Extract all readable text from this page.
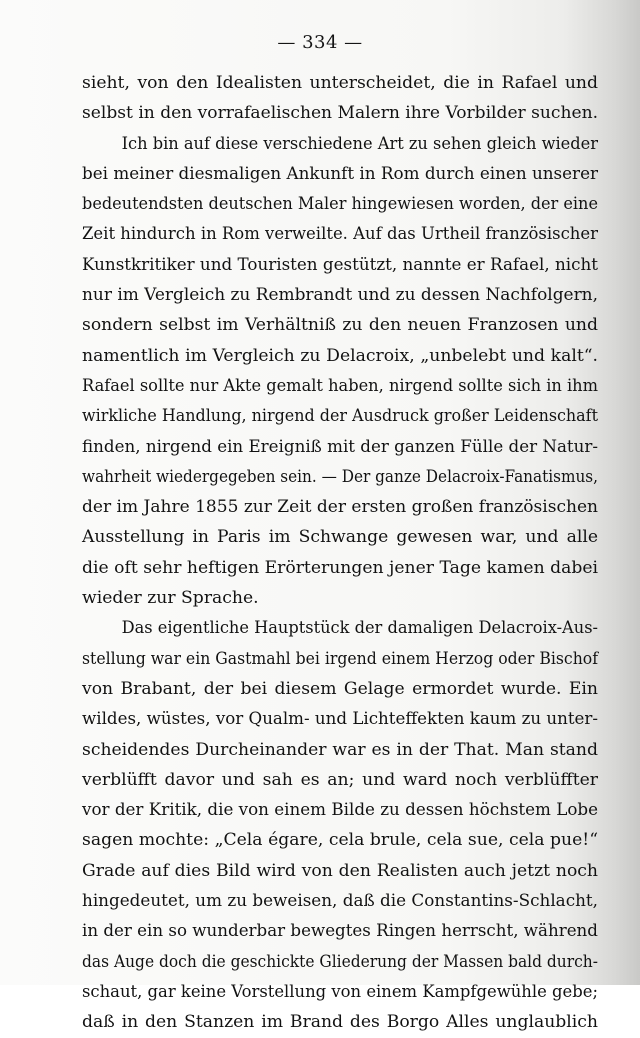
— 334 —
sieht, von den Idealisten unterscheidet, die in Rafael und
selbst in den vorrafaelischen Malern ihre Vorbilder suchen.
Ich bin auf diese verschiedene Art zu sehen gleich wieder
bei meiner diesmaligen Ankunft in Rom durch einen unserer
bedeutendsten deutschen Maler hingewiesen worden, der eine
Zeit hindurch in Rom verweilte. Auf das Urtheil französischer
Kunstkritiker und Touristen gestützt, nannte er Rafael, nicht
nur im Vergleich zu Rembrandt und zu dessen Nachfolgern,
sondern selbst im Verhältniß zu den neuen Franzosen und
namentlich im Vergleich zu Delacroix, „unbelebt und kalt“.
Rafael sollte nur Akte gemalt haben, nirgend sollte sich in ihm
wirkliche Handlung, nirgend der Ausdruck großer Leidenschaft
finden, nirgend ein Ereigniß mit der ganzen Fülle der Natur-
wahrheit wiedergegeben sein. — Der ganze Delacroix-Fanatismus,
der im Jahre 1855 zur Zeit der ersten großen französischen
Ausstellung in Paris im Schwange gewesen war, und alle
die oft sehr heftigen Erörterungen jener Tage kamen dabei
wieder zur Sprache.
Das eigentliche Hauptstück der damaligen Delacroix-Aus-
stellung war ein Gastmahl bei irgend einem Herzog oder Bischof
von Brabant, der bei diesem Gelage ermordet wurde. Ein
wildes, wüstes, vor Qualm- und Lichteffekten kaum zu unter-
scheidendes Durcheinander war es in der That. Man stand
verblüfft davor und sah es an; und ward noch verblüffter
vor der Kritik, die von einem Bilde zu dessen höchstem Lobe
sagen mochte: „Cela égare, cela brule, cela sue, cela pue!“
Grade auf dies Bild wird von den Realisten auch jetzt noch
hingedeutet, um zu beweisen, daß die Constantins-Schlacht,
in der ein so wunderbar bewegtes Ringen herrscht, während
das Auge doch die geschickte Gliederung der Massen bald durch-
schaut, gar keine Vorstellung von einem Kampfgewühle gebe;
daß in den Stanzen im Brand des Borgo Alles unglaublich
